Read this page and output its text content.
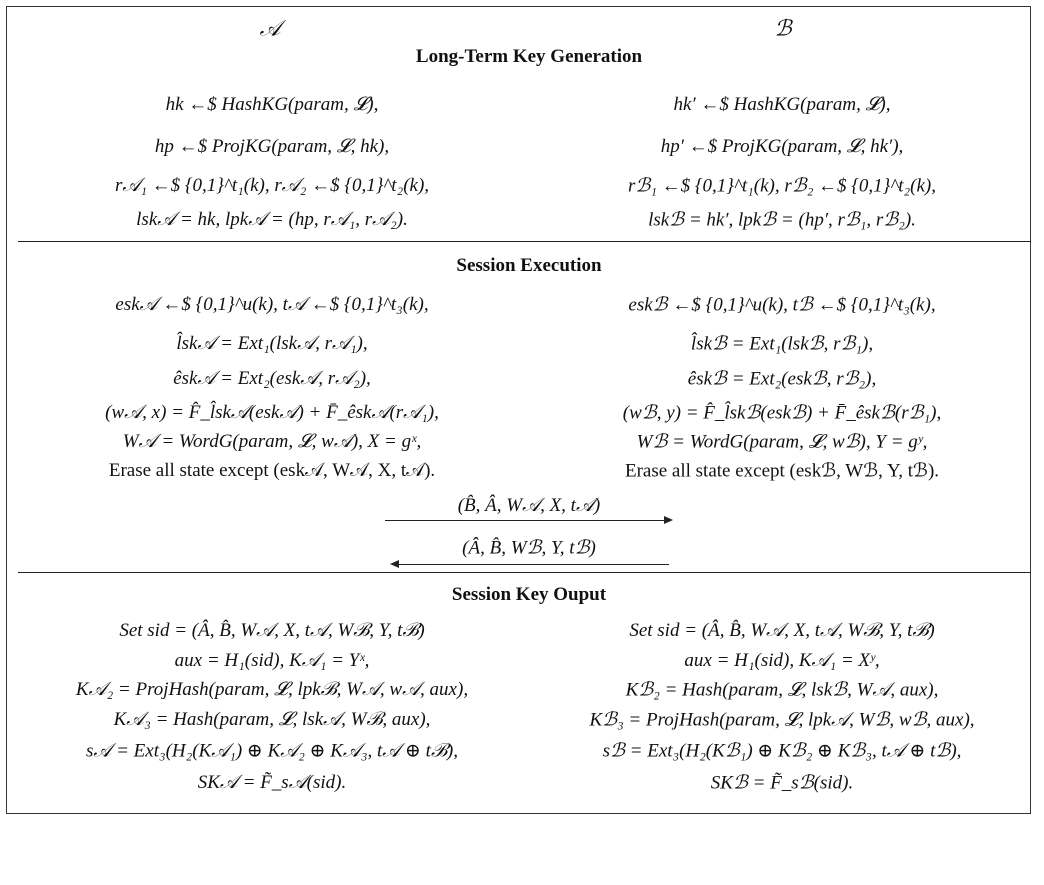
𝒜	ℬ
Long-Term Key Generation
hk ←$ HashKG(param, 𝓛),
hp ←$ ProjKG(param, 𝓛, hk),
r𝒜₁ ←$ {0,1}^t₁(k), r𝒜₂ ←$ {0,1}^t₂(k),
lsk𝒜 = hk, lpk𝒜 = (hp, r𝒜₁, r𝒜₂).
hk′ ←$ HashKG(param, 𝓛),
hp′ ←$ ProjKG(param, 𝓛, hk′),
rℬ₁ ←$ {0,1}^t₁(k), rℬ₂ ←$ {0,1}^t₂(k),
lskℬ = hk′, lpkℬ = (hp′, rℬ₁, rℬ₂).
Session Execution
esk𝒜 ←$ {0,1}^u(k), t𝒜 ←$ {0,1}^t₃(k),
l̂sk𝒜 = Ext₁(lsk𝒜, r𝒜₁),
êsk𝒜 = Ext₂(esk𝒜, r𝒜₂),
(w𝒜, x) = F̂_l̂sk𝒜(esk𝒜) + F̄_êsk𝒜(r𝒜₁),
W𝒜 = WordG(param, 𝓛, w𝒜), X = gˣ,
Erase all state except (esk𝒜, W𝒜, X, t𝒜).
eskℬ ←$ {0,1}^u(k), tℬ ←$ {0,1}^t₃(k),
l̂skℬ = Ext₁(lskℬ, rℬ₁),
êskℬ = Ext₂(eskℬ, rℬ₂),
(wℬ, y) = F̂_l̂skℬ(eskℬ) + F̄_êskℬ(rℬ₁),
Wℬ = WordG(param, 𝓛, wℬ), Y = gʸ,
Erase all state except (eskℬ, Wℬ, Y, tℬ).
(B̂, Â, W𝒜, X, t𝒜)
(Â, B̂, Wℬ, Y, tℬ)
Session Key Ouput
Set sid = (Â, B̂, W𝒜, X, t𝒜, Wℬ, Y, tℬ)
aux = H₁(sid), K𝒜₁ = Yˣ,
K𝒜₂ = ProjHash(param, 𝓛, lpkℬ, W𝒜, w𝒜, aux),
K𝒜₃ = Hash(param, 𝓛, lsk𝒜, Wℬ, aux),
s𝒜 = Ext₃(H₂(K𝒜₁) ⊕ K𝒜₂ ⊕ K𝒜₃, t𝒜 ⊕ tℬ),
SK𝒜 = F̃_s𝒜(sid).
Set sid = (Â, B̂, W𝒜, X, t𝒜, Wℬ, Y, tℬ)
aux = H₁(sid), K𝒜₁ = Xʸ,
Kℬ₂ = Hash(param, 𝓛, lskℬ, W𝒜, aux),
Kℬ₃ = ProjHash(param, 𝓛, lpk𝒜, Wℬ, wℬ, aux),
sℬ = Ext₃(H₂(Kℬ₁) ⊕ Kℬ₂ ⊕ Kℬ₃, t𝒜 ⊕ tℬ),
SKℬ = F̃_sℬ(sid).
